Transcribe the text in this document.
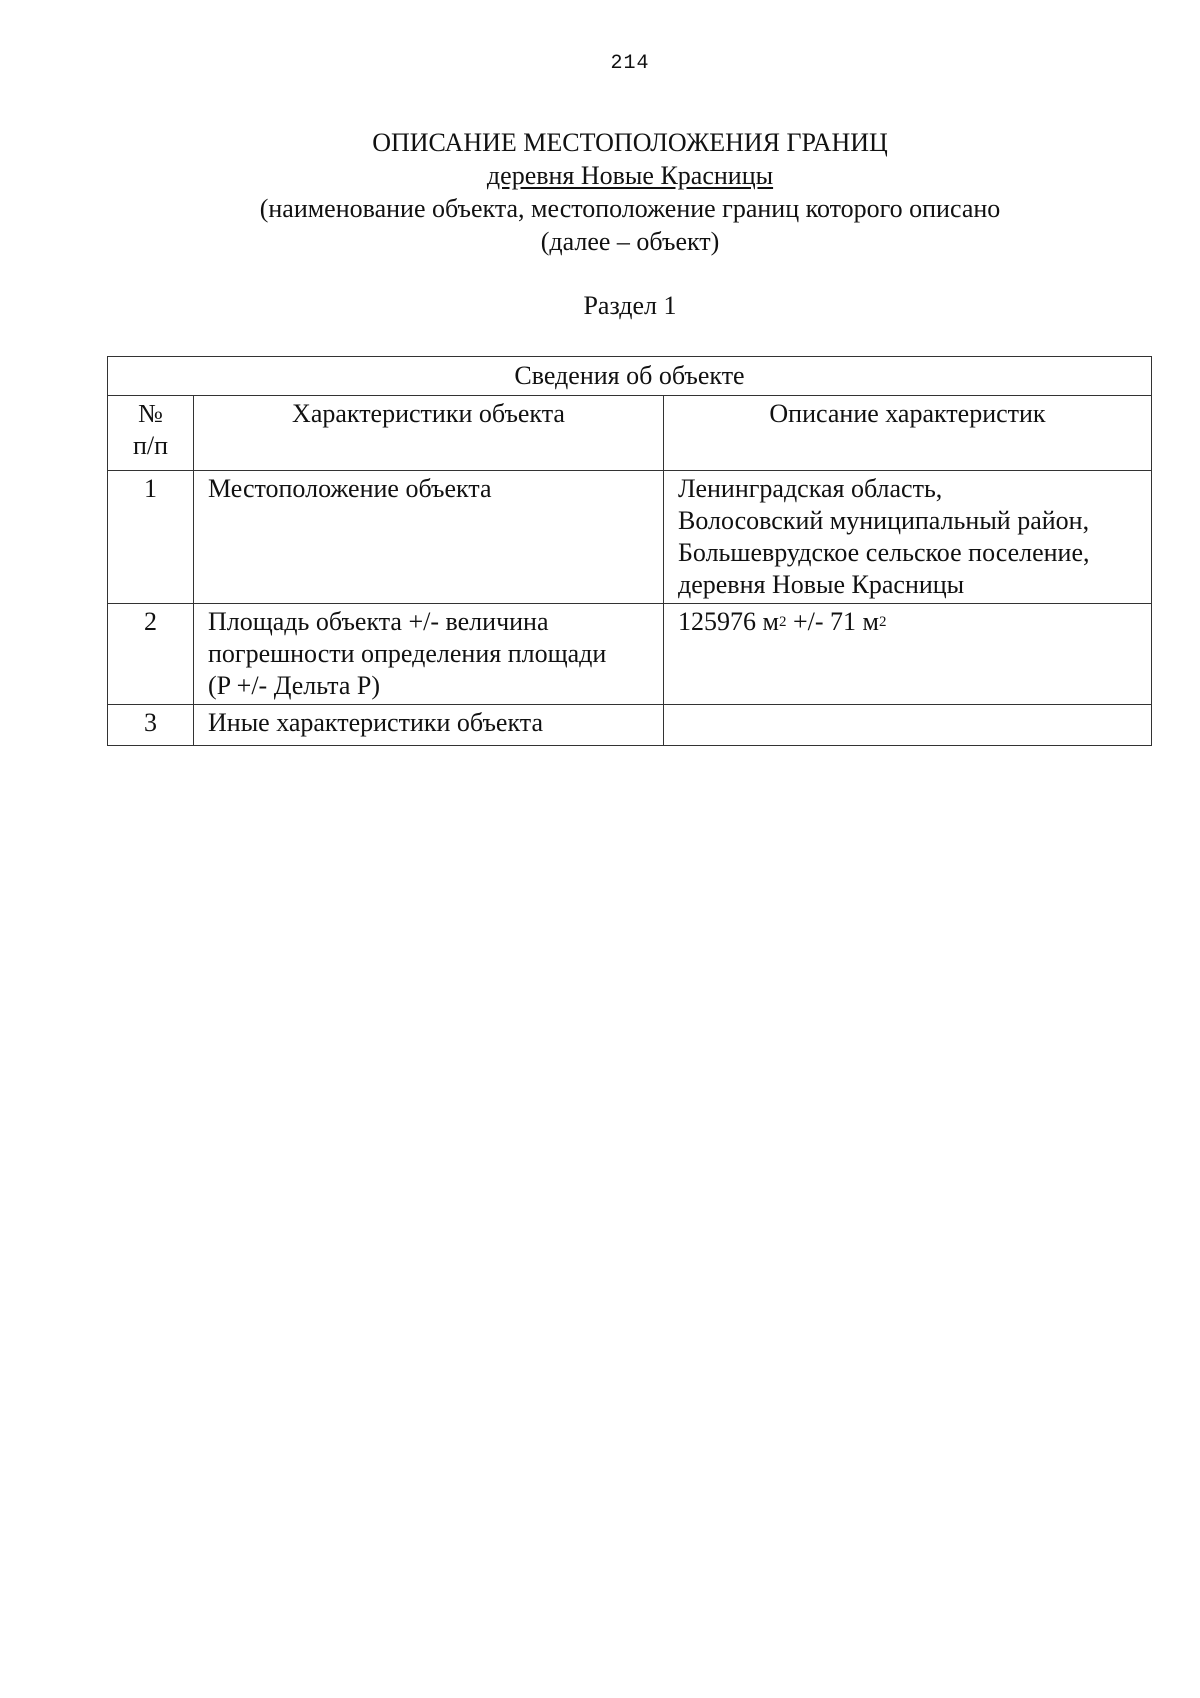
214
ОПИСАНИЕ МЕСТОПОЛОЖЕНИЯ ГРАНИЦ
деревня Новые Красницы
(наименование объекта, местоположение границ которого описано
(далее – объект)
Раздел 1
Сведения об объекте		

№
п/п	Характеристики объекта	Описание характеристик
1	Местоположение объекта	Ленинградская область,
Волосовский муниципальный район,
Большеврудское сельское поселение,
деревня Новые Красницы

2	Площадь объекта +/- величина
погрешности определения площади
(P +/- Дельта P)	125976 $м^2$ +/- 71 $м^2$
3	Иные характеристики объекта	
